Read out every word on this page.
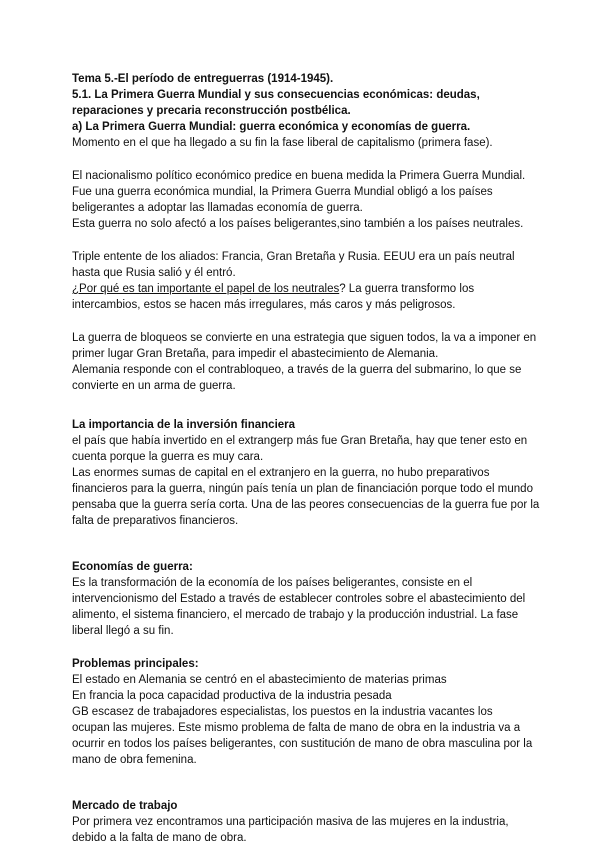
Tema 5.-El período de entreguerras (1914-1945).
5.1. La Primera Guerra Mundial y sus consecuencias económicas: deudas,
reparaciones y precaria reconstrucción postbélica.
a) La Primera Guerra Mundial: guerra económica y economías de guerra.
Momento en el que ha llegado a su fin la fase liberal de capitalismo (primera fase).
El nacionalismo político económico predice en buena medida la Primera Guerra Mundial.
Fue una guerra económica mundial, la Primera Guerra Mundial obligó a los países
beligerantes a adoptar las llamadas economía de guerra.
Esta guerra no solo afectó a los países beligerantes,sino también a los países neutrales.
Triple entente de los aliados: Francia, Gran Bretaña y Rusia. EEUU era un país neutral
hasta que Rusia salió y él entró.
¿Por qué es tan importante el papel de los neutrales? La guerra transformo los
intercambios, estos se hacen más irregulares, más caros y más peligrosos.
La guerra de bloqueos se convierte en una estrategia que siguen todos, la va a imponer en
primer lugar Gran Bretaña, para impedir el abastecimiento de Alemania.
Alemania responde con el contrabloqueo, a través de la guerra del submarino, lo que se
convierte en un arma de guerra.
La importancia de la inversión financiera
el país que había invertido en el extrangerp más fue Gran Bretaña, hay que tener esto en
cuenta porque la guerra es muy cara.
Las enormes sumas de capital en el extranjero en la guerra, no hubo preparativos
financieros para la guerra, ningún país tenía un plan de financiación porque todo el mundo
pensaba que la guerra sería corta. Una de las peores consecuencias de la guerra fue por la
falta de preparativos financieros.
Economías de guerra:
Es la transformación de la economía de los países beligerantes, consiste en el
intervencionismo del Estado a través de establecer controles sobre el abastecimiento del
alimento, el sistema financiero, el mercado de trabajo y la producción industrial. La fase
liberal llegó a su fin.
Problemas principales:
El estado en Alemania se centró en el abastecimiento de materias primas
En francia la poca capacidad productiva de la industria pesada
GB escasez de trabajadores especialistas, los puestos en la industria vacantes los
ocupan las mujeres. Este mismo problema de falta de mano de obra en la industria va a
ocurrir en todos los países beligerantes, con sustitución de mano de obra masculina por la
mano de obra femenina.
Mercado de trabajo
Por primera vez encontramos una participación masiva de las mujeres en la industria,
debido a la falta de mano de obra.
